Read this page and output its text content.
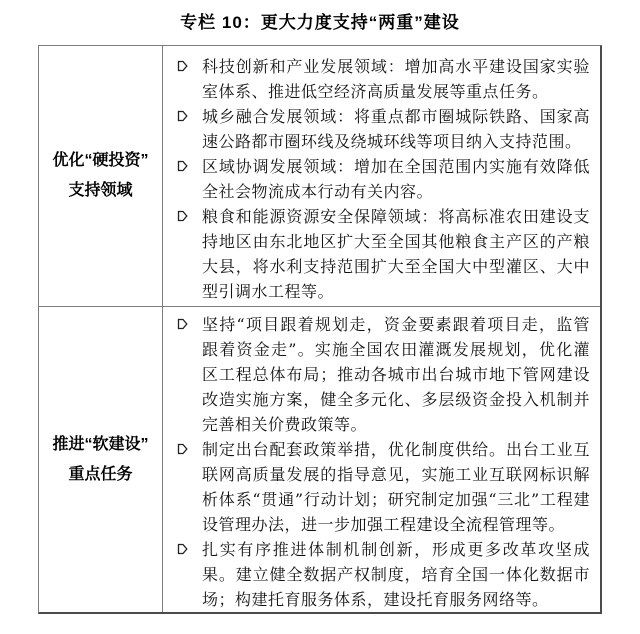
专栏 10：更大力度支持“两重”建设
优化“硬投资”
支持领域
科技创新和产业发展领域：增加高水平建设国家实验室体系、推进低空经济高质量发展等重点任务。
城乡融合发展领域：将重点都市圈城际铁路、国家高速公路都市圈环线及绕城环线等项目纳入支持范围。
区域协调发展领域：增加在全国范围内实施有效降低全社会物流成本行动有关内容。
粮食和能源资源安全保障领域：将高标准农田建设支持地区由东北地区扩大至全国其他粮食主产区的产粮大县，将水利支持范围扩大至全国大中型灌区、大中型引调水工程等。
推进“软建设”
重点任务
坚持“项目跟着规划走，资金要素跟着项目走，监管跟着资金走”。实施全国农田灌溉发展规划，优化灌区工程总体布局；推动各城市出台城市地下管网建设改造实施方案，健全多元化、多层级资金投入机制并完善相关价费政策等。
制定出台配套政策举措，优化制度供给。出台工业互联网高质量发展的指导意见，实施工业互联网标识解析体系“贯通”行动计划；研究制定加强“三北”工程建设管理办法，进一步加强工程建设全流程管理等。
扎实有序推进体制机制创新，形成更多改革攻坚成果。建立健全数据产权制度，培育全国一体化数据市场；构建托育服务体系，建设托育服务网络等。
